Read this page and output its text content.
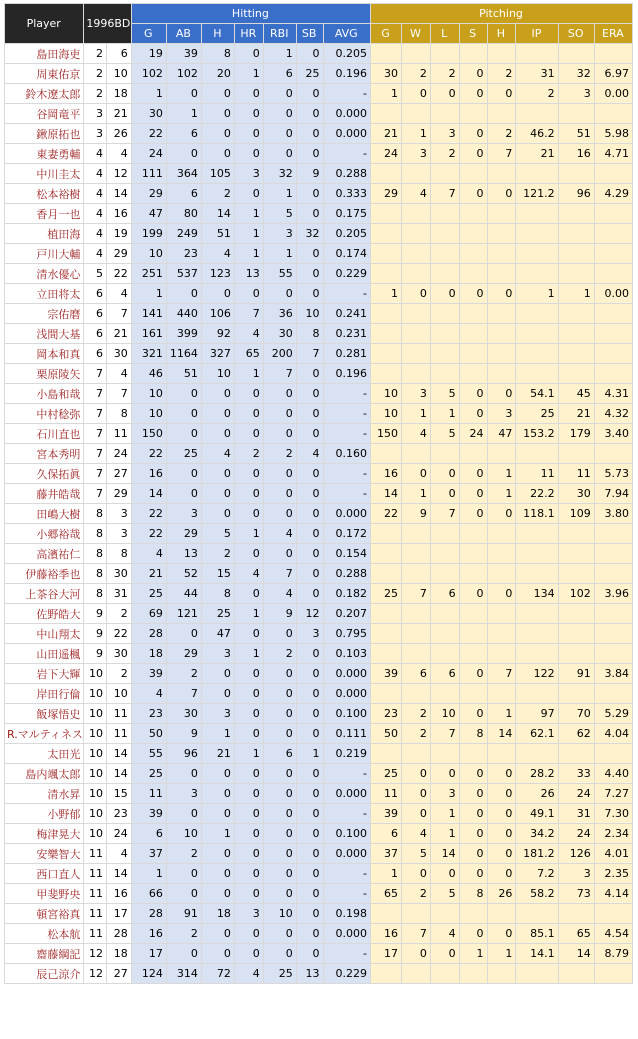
Player	1996BD		Hitting							Pitching							
			G	AB	H	HR	RBI	SB	AVG	G	W	L	S	H	IP	SO	ERA
島田海吏	2	6	19	39	8	0	1	0	0.205								
周東佑京	2	10	102	102	20	1	6	25	0.196	30	2	2	0	2	31	32	6.97
鈴木遼太郎	2	18	1	0	0	0	0	0	-	1	0	0	0	0	2	3	0.00
谷岡竜平	3	21	30	1	0	0	0	0	0.000								
鍬原拓也	3	26	22	6	0	0	0	0	0.000	21	1	3	0	2	46.2	51	5.98
東妻勇輔	4	4	24	0	0	0	0	0	-	24	3	2	0	7	21	16	4.71
中川圭太	4	12	111	364	105	3	32	9	0.288								
松本裕樹	4	14	29	6	2	0	1	0	0.333	29	4	7	0	0	121.2	96	4.29
香月一也	4	16	47	80	14	1	5	0	0.175								
植田海	4	19	199	249	51	1	3	32	0.205								
戸川大輔	4	29	10	23	4	1	1	0	0.174								
清水優心	5	22	251	537	123	13	55	0	0.229								
立田将太	6	4	1	0	0	0	0	0	-	1	0	0	0	0	1	1	0.00
宗佑磨	6	7	141	440	106	7	36	10	0.241								
浅間大基	6	21	161	399	92	4	30	8	0.231								
岡本和真	6	30	321	1164	327	65	200	7	0.281								
栗原陵矢	7	4	46	51	10	1	7	0	0.196								
小島和哉	7	7	10	0	0	0	0	0	-	10	3	5	0	0	54.1	45	4.31
中村稔弥	7	8	10	0	0	0	0	0	-	10	1	1	0	3	25	21	4.32
石川直也	7	11	150	0	0	0	0	0	-	150	4	5	24	47	153.2	179	3.40
宮本秀明	7	24	22	25	4	2	2	4	0.160								
久保拓眞	7	27	16	0	0	0	0	0	-	16	0	0	0	1	11	11	5.73
藤井皓哉	7	29	14	0	0	0	0	0	-	14	1	0	0	1	22.2	30	7.94
田嶋大樹	8	3	22	3	0	0	0	0	0.000	22	9	7	0	0	118.1	109	3.80
小郷裕哉	8	3	22	29	5	1	4	0	0.172								
高濱祐仁	8	8	4	13	2	0	0	0	0.154								
伊藤裕季也	8	30	21	52	15	4	7	0	0.288								
上茶谷大河	8	31	25	44	8	0	4	0	0.182	25	7	6	0	0	134	102	3.96
佐野皓大	9	2	69	121	25	1	9	12	0.207								
中山翔太	9	22	28	0	47	0	0	3	0.795								
山田遥楓	9	30	18	29	3	1	2	0	0.103								
岩下大輝	10	2	39	2	0	0	0	0	0.000	39	6	6	0	7	122	91	3.84
岸田行倫	10	10	4	7	0	0	0	0	0.000								
飯塚悟史	10	11	23	30	3	0	0	0	0.100	23	2	10	0	1	97	70	5.29
R.マルティネス	10	11	50	9	1	0	0	0	0.111	50	2	7	8	14	62.1	62	4.04
太田光	10	14	55	96	21	1	6	1	0.219								
島内颯太郎	10	14	25	0	0	0	0	0	-	25	0	0	0	0	28.2	33	4.40
清水昇	10	15	11	3	0	0	0	0	0.000	11	0	3	0	0	26	24	7.27
小野郁	10	23	39	0	0	0	0	0	-	39	0	1	0	0	49.1	31	7.30
梅津晃大	10	24	6	10	1	0	0	0	0.100	6	4	1	0	0	34.2	24	2.34
安樂智大	11	4	37	2	0	0	0	0	0.000	37	5	14	0	0	181.2	126	4.01
西口直人	11	14	1	0	0	0	0	0	-	1	0	0	0	0	7.2	3	2.35
甲斐野央	11	16	66	0	0	0	0	0	-	65	2	5	8	26	58.2	73	4.14
頓宮裕真	11	17	28	91	18	3	10	0	0.198								
松本航	11	28	16	2	0	0	0	0	0.000	16	7	4	0	0	85.1	65	4.54
齋藤綱記	12	18	17	0	0	0	0	0	-	17	0	0	1	1	14.1	14	8.79
辰己涼介	12	27	124	314	72	4	25	13	0.229								
